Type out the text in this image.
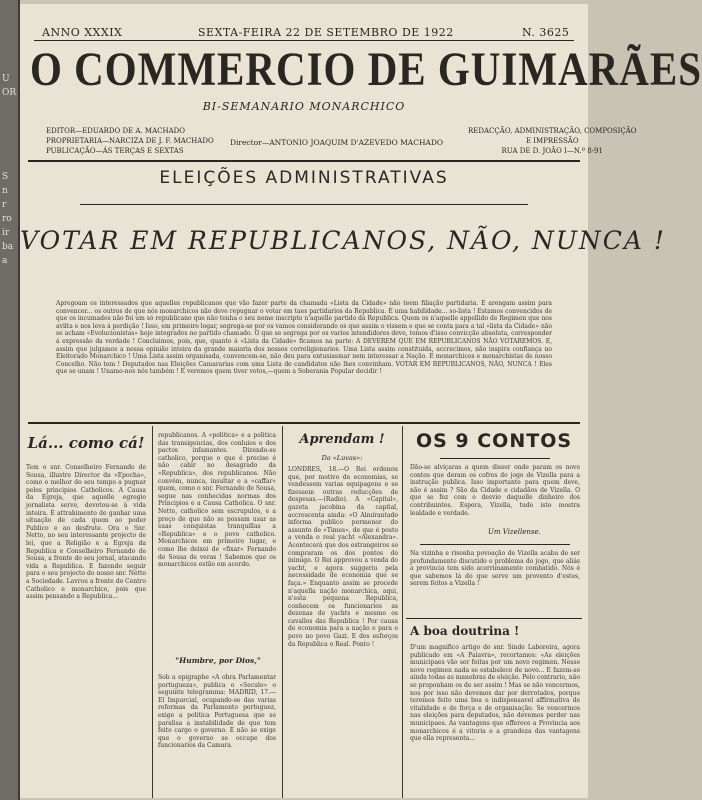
U
OR
S
n
r
ro
ir
ba
a
ANNO XXXIX	SEXTA-FEIRA 22 DE SETEMBRO DE 1922	N. 3625
O COMMERCIO DE GUIMARÃES
BI-SEMANARIO MONARCHICO
EDITOR—EDUARDO DE A. MACHADO
PROPRIETARIA—NARCIZA DE J. F. MACHADO
PUBLICAÇÃO—ÁS TERÇAS E SEXTAS
Director—ANTONIO JOAQUIM D'AZEVEDO MACHADO
REDACÇÃO, ADMINISTRAÇÃO, COMPOSIÇÃO
E IMPRESSÃO
RUA DE D. JOÃO I—N.º 8-91
ELEIÇÕES ADMINISTRATIVAS
VOTAR EM REPUBLICANOS, NÃO, NUNCA !
Apregoam os interessados que aquelles republicanos que vão fazer parte da chamada «Lista da Cidade» não teem filiação partidaria. E arengam assim para convencer... os outros de que nós monarchicos não deve repugnar o votar em taes partidarios da Republica. É uma habilidade... so-lista ! Estamos convencidos de que os incumados não foi um só republicano que não tenha o seu nome inscripto n'aquelle partido da Republica. Quem os n'aquelle appellido de Regimen que nos avilta e nos leva á perdição ! Isso, em primeiro logar, segrega-se por os vamos considerando os que assim o vissem e que se conta para a tal «lista da Cidade» não se acham «Evolucionistas» hoje integrados no partido chamado. O que se segrega por os varios intendidores deve, temos d'isso convicção absoluta, corresponder á expressão da verdade ! Concluimos, pois, que, quanto á «Lista da Cidade» ficamos na parte: A DEVEREM QUE EM REPUBLICANOS NÃO VOTAREMOS. E, assim que julgamos a nossa opinião inteira da grande maioria dos nossos correligionarios. Uma Lista assim constituida, accrecimos, não inspira confiança no Eleitorado Monarchico ! Uma Lista assim organisada, convencem-se, não deu para entusiasmar nem interessar a Nação. E monarchicos e monarchistas de nosso Concelho. Não tem ! Deputados nas Eleições Camararias com uma Lista de candidatos não lhes convinham. VOTAR EM REPUBLICANOS, NÃO, NUNCA ! Eles que se unam ! Unamo-nos nós também ! E veremos quem tiver votos,—quem a Soberania Popular decidir !
Lá... como cá!
Tem o snr. Conselheiro Fernando de Sousa, illustre Director da «Epocha», como o melhor do seu tempo a pugnar pelos principios Catholicos. A Causa da Egreja, que aquelle egregio jornalista serve, devotou-se à vida inteira. É attrahimento de ganhar uma situação de cada quem ao poder Publico e ao desfrute. Ora o Snr. Netto, no seu interessante projecto de lei, que a Religião e a Egreja da Republica e Conselheiro Fernando de Sousa, a frente do seu jornal, atacando vida a Republica. E fazendo seguir para o seu projecto do nosso snr. Netto a Sociedade. Lavrou a frente do Centro Catholico e monarchico, pois que assim pensando a Republica...
republicanos. A «politica» e a politica das transigencias, dos conluios e dos pactos infamantes. Dizendo-se catholico, porque o que é preciso é não cahir no desagrado da «Republica», dos republicanos. Não convém, nunca, insultar e a «caffar» quem, como o snr. Fernando de Sousa, segue nas conhecidas normas dos Principios e a Causa Catholica. O snr. Netto, catholico sem escrupulos, e a preço de que não se possam usar as suas conquistas tranquillas a «Republica» e o povo catholico. Monarchicos em primeiro lugar, e como lhe deixei de «fixar» Fernando de Sousa de veras ! Sabemos que os monarchicos estão em acordo.
"Humbre, por Dios,"
Sob a epigraphe «A obra Parlamentar portugueza», publica o «Seculo» o seguinte telegramma: MADRID, 17.—El Imparcial, ocupando-se das varias reformas da Parlamento portuguez, exige a politica Portuguesa que se paralisa a instabilidade de que tem feito cargo o governo. E não se exige que o governo se occupe dos funcionarios da Camara.
Aprendam !
Da «Luvas»:
LONDRES, 18.—O Rei ordenou que, por motivo de economias, se vendessem varias equipagens e se fizessem outras reducções de despesas.—(Radio). A «Capital», gazeta jacobina da capital, accrescenta ainda: «O Almirantado informa publico pormenor do assunto de «Times», de que é posto a venda o real yacht «Alexandra». Acontecerá que dos estrangeiros se compraram os dos pontos do inimigo. O Rei approvou a venda do yacht, e agora suggeriu pela necessidade de economia que se faça.» Enquanto assim se procede n'aquella nação monarchica, aqui, n'esta pequena Republica, conhecem os funcionarios as dezenas de yachts e mesmo os cavallos das Republica ! Por causa de economia para a nação e para o povo no povo Gazi. E dos esforços da Republica o Real. Ponto !
OS 9 CONTOS
Dão-se alvíçaras a quem disser onde param os nove contos que deram os cofres do jogo de Vizella para a instrução publica. Isso importante para quem deve, não é assim ? São da Cidade e cidadãos de Vizella. O que se fez com o desvio daquelle dinheiro dos contribuintes. Espera, Vizella, tudo isto mostra lealdade e verdade.
Um Vizellense.
Na vizinha e risonha povoação de Vizella acaba de ser profundamente discutido o problema do jogo, que aliás a provincia tem sido acerrimamente combatido. Nós é que sabemos lá do que serve um provento d'estes, serem feitos a Vizella !
A boa doutrina !
D'um magnifico artigo do snr. Sinde Laboreira, agora publicado em «A Palavra», recortamos: «As eleições municipaes vão ser feitas por um novo regimen. Nesse novo regimen nada se estabelece de novo... E fazem-se ainda todas as manobras de eleição. Pelo contrario, não se proponham os de ser assim ! Mas se não vencermos, nos por isso não devemos dar por derrotados, porque teremos feito uma boa e indispensavel affirmativa de vitalidade e de força e de organisação. Se vencermos nas eleições para deputados, não devemos perder nas municipaes. As vantagens que offerece a Provincia aos monarchicos é a vitoria e a grandeza das vantagens que ella representa...
